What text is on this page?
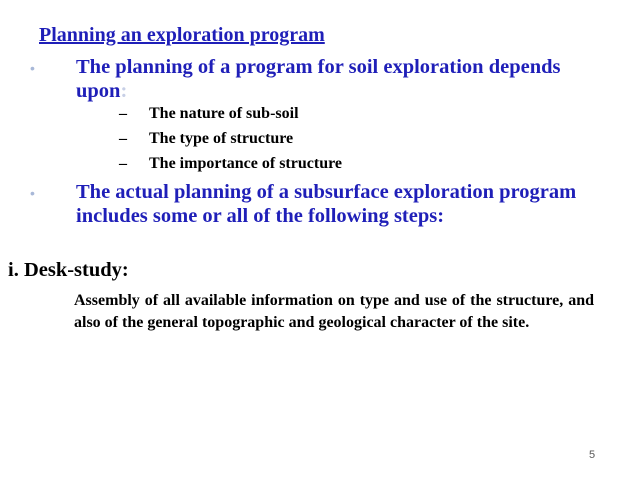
Planning an exploration program
• The planning of a program for soil exploration depends upon:
– The nature of sub-soil
– The type of structure
– The importance of structure
• The actual planning of a subsurface exploration program includes some or all of the following steps:
i. Desk-study:
Assembly of all available information on type and use of the structure, and also of the general topographic and geological character of the site.
5
